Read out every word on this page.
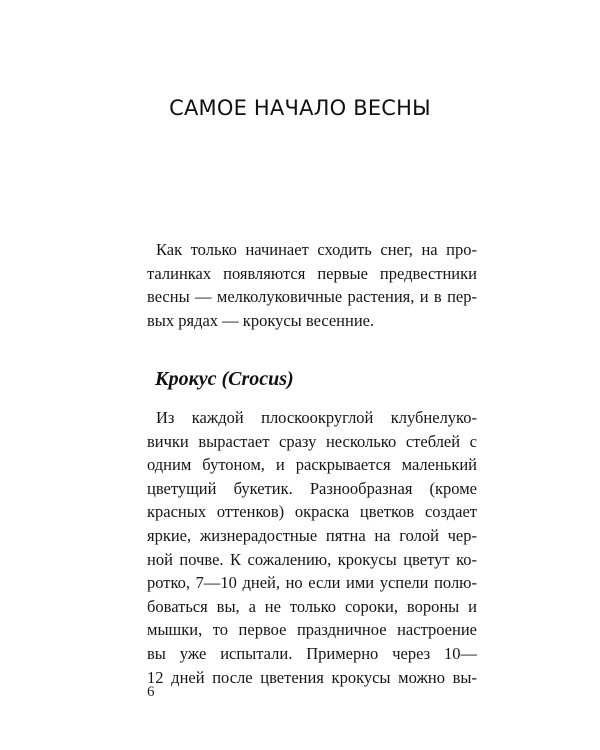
САМОЕ НАЧАЛО ВЕСНЫ
Как только начинает сходить снег, на про-
талинках появляются первые предвестники
весны — мелколуковичные растения, и в пер-
вых рядах — крокусы весенние.
Крокус (Crocus)
Из каждой плоскоокруглой клубнелуко-
вички вырастает сразу несколько стеблей с
одним бутоном, и раскрывается маленький
цветущий букетик. Разнообразная (кроме
красных оттенков) окраска цветков создает
яркие, жизнерадостные пятна на голой чер-
ной почве. К сожалению, крокусы цветут ко-
ротко, 7—10 дней, но если ими успели полю-
боваться вы, а не только сороки, вороны и
мышки, то первое праздничное настроение
вы уже испытали. Примерно через 10—
12 дней после цветения крокусы можно вы-
6
